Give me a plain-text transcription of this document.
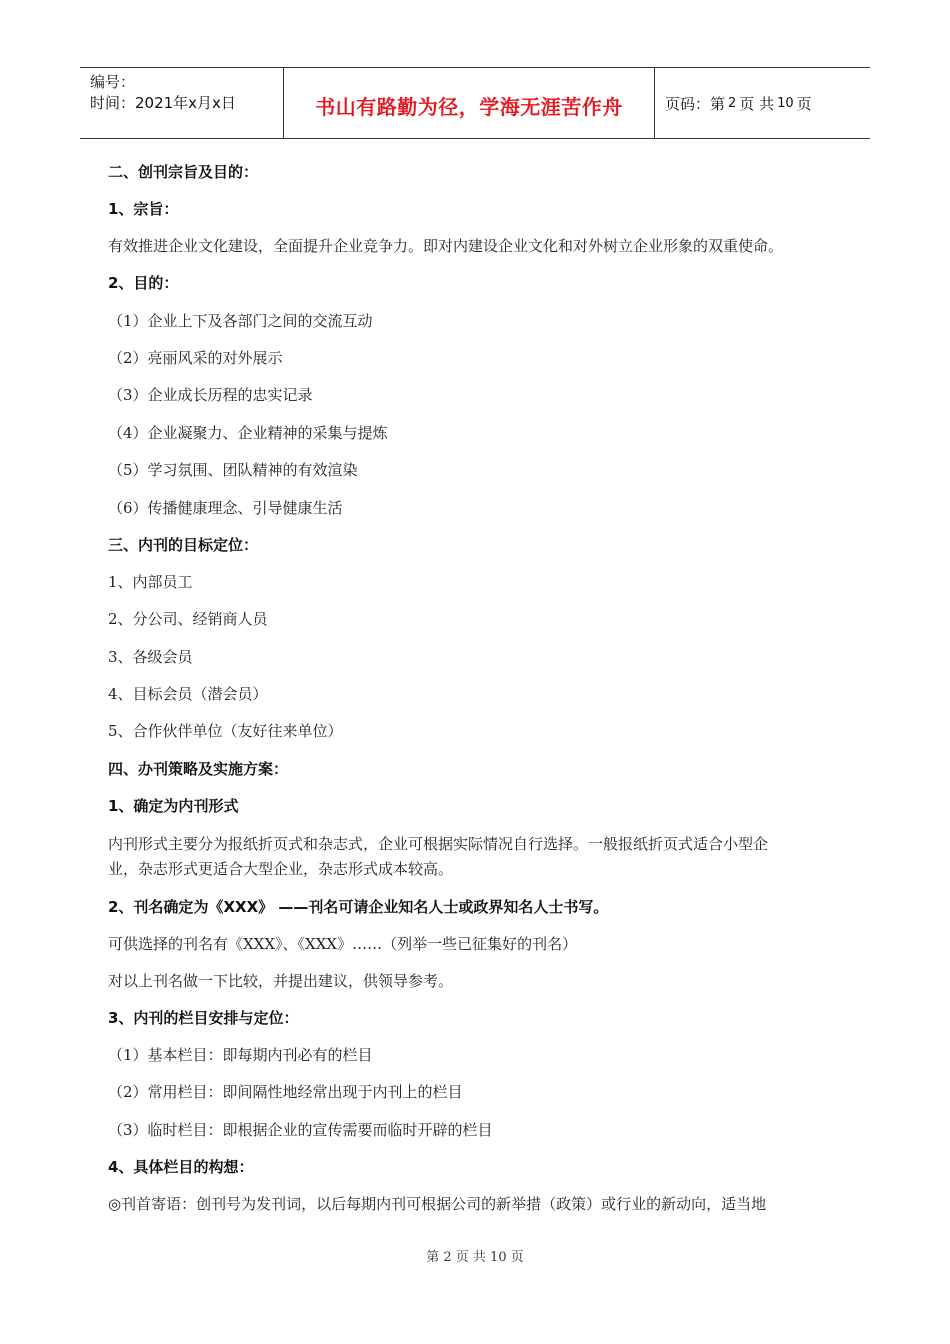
编号：
时间：2021年x月x日	书山有路勤为径，学海无涯苦作舟	页码：第 2 页 共 10 页
二、创刊宗旨及目的：
1、宗旨：
有效推进企业文化建设，全面提升企业竞争力。即对内建设企业文化和对外树立企业形象的双重使命。
2、目的：
（1）企业上下及各部门之间的交流互动
（2）亮丽风采的对外展示
（3）企业成长历程的忠实记录
（4）企业凝聚力、企业精神的采集与提炼
（5）学习氛围、团队精神的有效渲染
（6）传播健康理念、引导健康生活
三、内刊的目标定位：
1、内部员工
2、分公司、经销商人员
3、各级会员
4、目标会员（潜会员）
5、合作伙伴单位（友好往来单位）
四、办刊策略及实施方案：
1、确定为内刊形式
内刊形式主要分为报纸折页式和杂志式，企业可根据实际情况自行选择。一般报纸折页式适合小型企
业，杂志形式更适合大型企业，杂志形式成本较高。
2、刊名确定为《XXX》 ——刊名可请企业知名人士或政界知名人士书写。
可供选择的刊名有《XXX》、《XXX》……（列举一些已征集好的刊名）
对以上刊名做一下比较，并提出建议，供领导参考。
3、内刊的栏目安排与定位：
（1）基本栏目：即每期内刊必有的栏目
（2）常用栏目：即间隔性地经常出现于内刊上的栏目
（3）临时栏目：即根据企业的宣传需要而临时开辟的栏目
4、具体栏目的构想：
◎刊首寄语：创刊号为发刊词，以后每期内刊可根据公司的新举措（政策）或行业的新动向，适当地
第 2 页 共 10 页
